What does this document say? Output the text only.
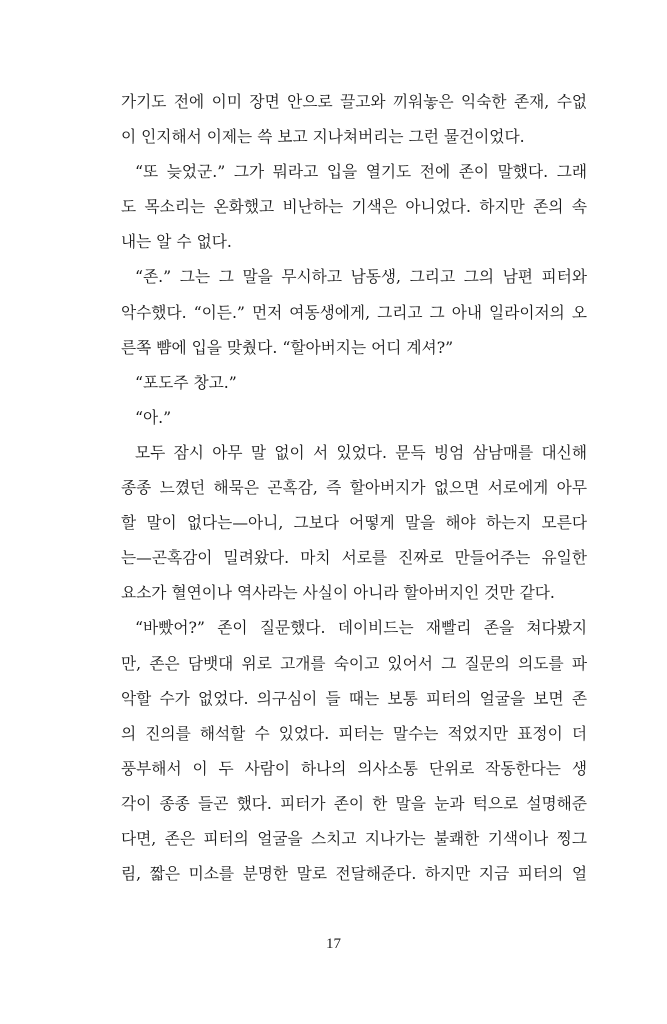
가기도 전에 이미 장면 안으로 끌고와 끼워놓은 익숙한 존재, 수없
이 인지해서 이제는 쓱 보고 지나쳐버리는 그런 물건이었다.
“또 늦었군.” 그가 뭐라고 입을 열기도 전에 존이 말했다. 그래
도 목소리는 온화했고 비난하는 기색은 아니었다. 하지만 존의 속
내는 알 수 없다.
“존.” 그는 그 말을 무시하고 남동생, 그리고 그의 남편 피터와
악수했다. “이든.” 먼저 여동생에게, 그리고 그 아내 일라이저의 오
른쪽 뺨에 입을 맞췄다. “할아버지는 어디 계셔?”
“포도주 창고.”
“아.”
모두 잠시 아무 말 없이 서 있었다. 문득 빙엄 삼남매를 대신해
종종 느꼈던 해묵은 곤혹감, 즉 할아버지가 없으면 서로에게 아무
할 말이 없다는—아니, 그보다 어떻게 말을 해야 하는지 모른다
는—곤혹감이 밀려왔다. 마치 서로를 진짜로 만들어주는 유일한
요소가 혈연이나 역사라는 사실이 아니라 할아버지인 것만 같다.
“바빴어?” 존이 질문했다. 데이비드는 재빨리 존을 쳐다봤지
만, 존은 담뱃대 위로 고개를 숙이고 있어서 그 질문의 의도를 파
악할 수가 없었다. 의구심이 들 때는 보통 피터의 얼굴을 보면 존
의 진의를 해석할 수 있었다. 피터는 말수는 적었지만 표정이 더
풍부해서 이 두 사람이 하나의 의사소통 단위로 작동한다는 생
각이 종종 들곤 했다. 피터가 존이 한 말을 눈과 턱으로 설명해준
다면, 존은 피터의 얼굴을 스치고 지나가는 불쾌한 기색이나 찡그
림, 짧은 미소를 분명한 말로 전달해준다. 하지만 지금 피터의 얼
17
